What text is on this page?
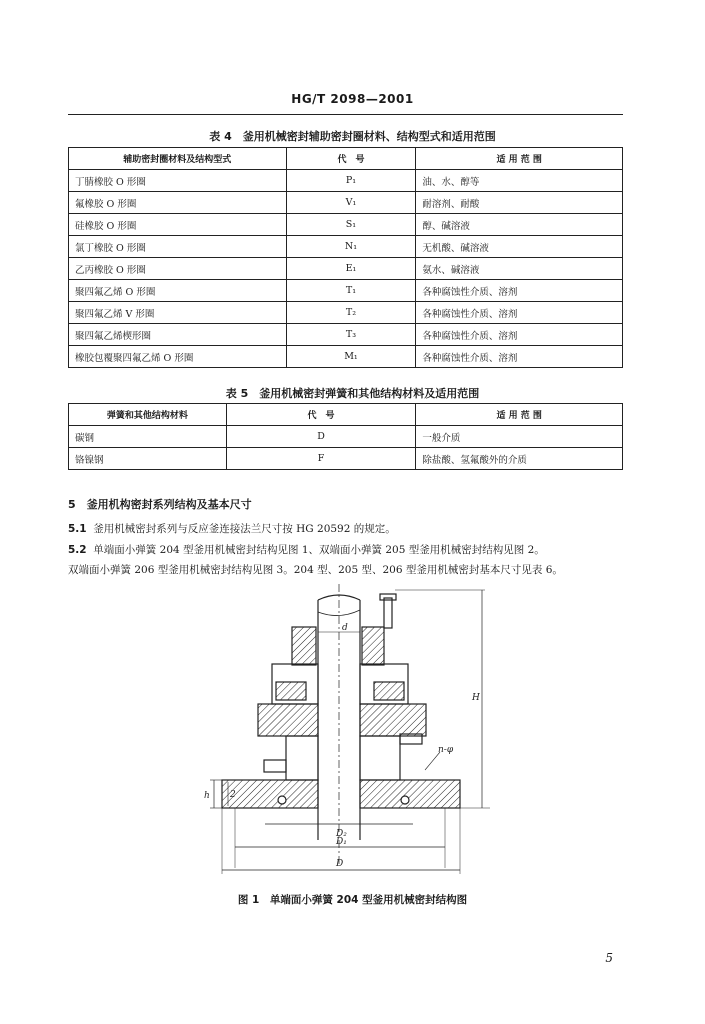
HG/T 2098—2001
表 4　釜用机械密封辅助密封圈材料、结构型式和适用范围
辅助密封圈材料及结构型式	代　号	适 用 范 围
丁腈橡胶 O 形圈	P₁	油、水、醇等
氟橡胶 O 形圈	V₁	耐溶剂、耐酸
硅橡胶 O 形圈	S₁	醇、碱溶液
氯丁橡胶 O 形圈	N₁	无机酸、碱溶液
乙丙橡胶 O 形圈	E₁	氨水、碱溶液
聚四氟乙烯 O 形圈	T₁	各种腐蚀性介质、溶剂
聚四氟乙烯 V 形圈	T₂	各种腐蚀性介质、溶剂
聚四氟乙烯楔形圈	T₃	各种腐蚀性介质、溶剂
橡胶包覆聚四氟乙烯 O 形圈	M₁	各种腐蚀性介质、溶剂
表 5　釜用机械密封弹簧和其他结构材料及适用范围
弹簧和其他结构材料	代　号	适 用 范 围
碳钢	D	一般介质
铬镍钢	F	除盐酸、氢氟酸外的介质
5　釜用机构密封系列结构及基本尺寸
5.1 釜用机械密封系列与反应釜连接法兰尺寸按 HG 20592 的规定。
5.2 单端面小弹簧 204 型釜用机械密封结构见图 1、双端面小弹簧 205 型釜用机械密封结构见图 2。
双端面小弹簧 206 型釜用机械密封结构见图 3。204 型、205 型、206 型釜用机械密封基本尺寸见表 6。
d
H
h 2
n-φ
D₂
D₁
D
图 1　单端面小弹簧 204 型釜用机械密封结构图
5
